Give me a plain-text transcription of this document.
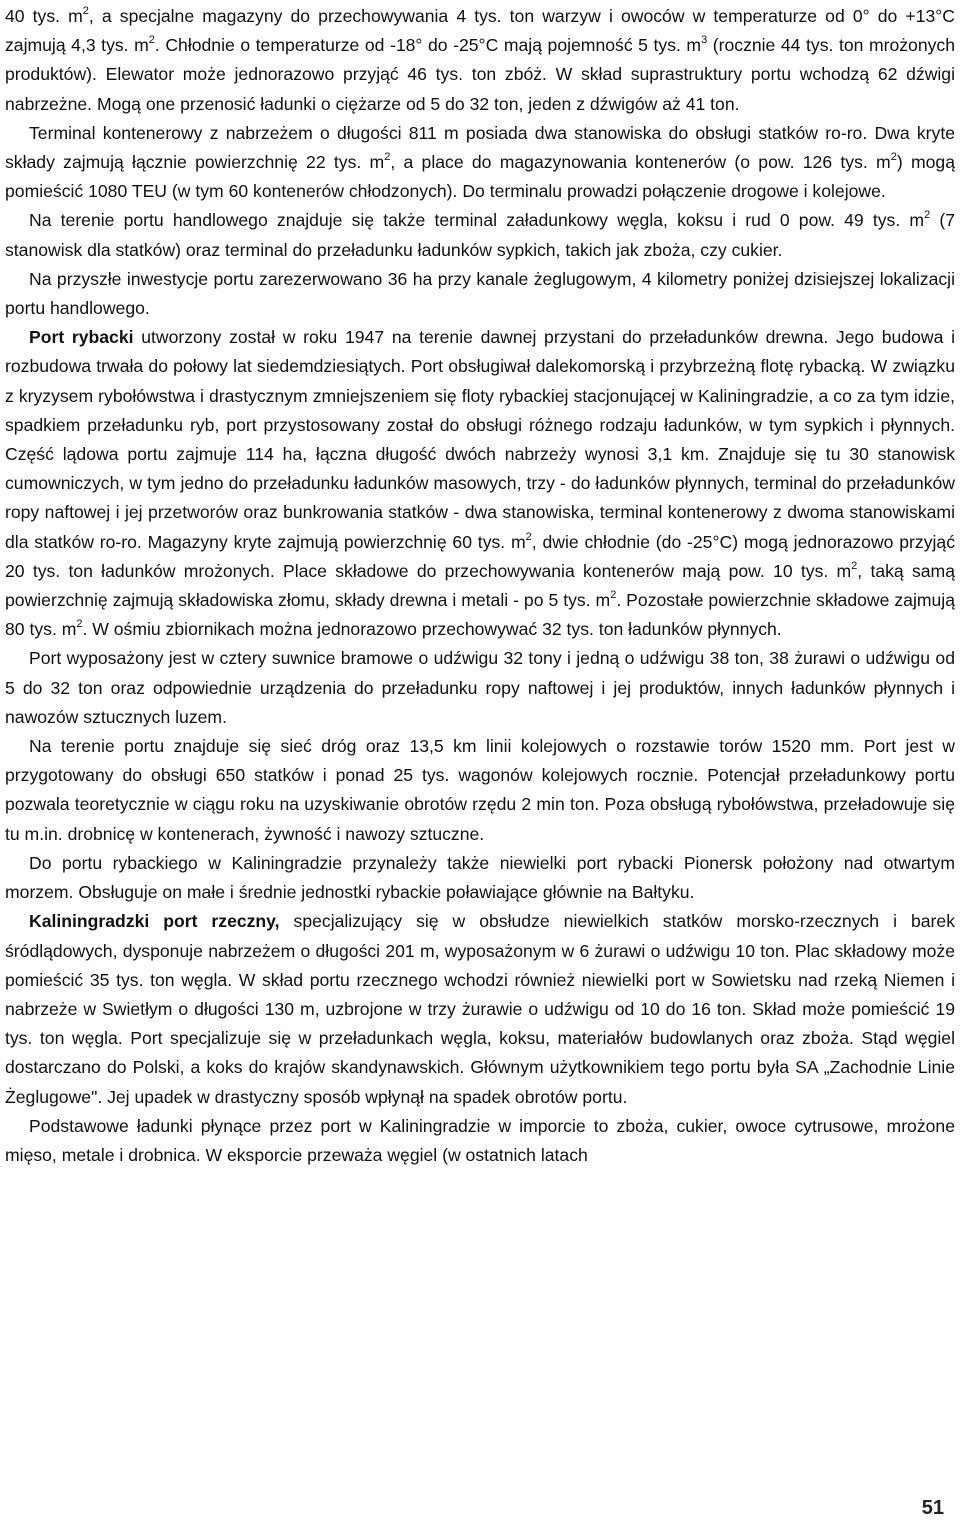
40 tys. $m^2$, a specjalne magazyny do przechowywania 4 tys. ton warzyw i owoców w temperaturze od 0° do +13°C zajmują 4,3 tys. $m^2$. Chłodnie o temperaturze od -18° do -25°C mają pojemność 5 tys. $m^3$ (rocznie 44 tys. ton mrożonych produktów). Elewator może jednorazowo przyjąć 46 tys. ton zbóż. W skład suprastruktury portu wchodzą 62 dźwigi nabrzeżne. Mogą one przenosić ładunki o ciężarze od 5 do 32 ton, jeden z dźwigów aż 41 ton.

Terminal kontenerowy z nabrzeżem o długości 811 m posiada dwa stanowiska do obsługi statków ro-ro. Dwa kryte składy zajmują łącznie powierzchnię 22 tys. $m^2$, a place do magazynowania kontenerów (o pow. 126 tys. $m^2$) mogą pomieścić 1080 TEU (w tym 60 kontenerów chłodzonych). Do terminalu prowadzi połączenie drogowe i kolejowe.

Na terenie portu handlowego znajduje się także terminal załadunkowy węgla, koksu i rud 0 pow. 49 tys. $m^2$ (7 stanowisk dla statków) oraz terminal do przeładunku ładunków sypkich, takich jak zboża, czy cukier.

Na przyszłe inwestycje portu zarezerwowano 36 ha przy kanale żeglugowym, 4 kilometry poniżej dzisiejszej lokalizacji portu handlowego.

Port rybacki utworzony został w roku 1947 na terenie dawnej przystani do przeładunków drewna. Jego budowa i rozbudowa trwała do połowy lat siedemdziesiątych. Port obsługiwał dalekomorską i przybrzeżną flotę rybacką. W związku z kryzysem rybołówstwa i drastycznym zmniejszeniem się floty rybackiej stacjonującej w Kaliningradzie, a co za tym idzie, spadkiem przeładunku ryb, port przystosowany został do obsługi różnego rodzaju ładunków, w tym sypkich i płynnych. Część lądowa portu zajmuje 114 ha, łączna długość dwóch nabrzeży wynosi 3,1 km. Znajduje się tu 30 stanowisk cumowniczych, w tym jedno do przeładunku ładunków masowych, trzy - do ładunków płynnych, terminal do przeładunków ropy naftowej i jej przetworów oraz bunkrowania statków - dwa stanowiska, terminal kontenerowy z dwoma stanowiskami dla statków ro-ro. Magazyny kryte zajmują powierzchnię 60 tys. $m^2$, dwie chłodnie (do -25°C) mogą jednorazowo przyjąć 20 tys. ton ładunków mrożonych. Place składowe do przechowywania kontenerów mają pow. 10 tys. $m^2$, taką samą powierzchnię zajmują składowiska złomu, składy drewna i metali - po 5 tys. $m^2$. Pozostałe powierzchnie składowe zajmują 80 tys. $m^2$. W ośmiu zbiornikach można jednorazowo przechowywać 32 tys. ton ładunków płynnych.

Port wyposażony jest w cztery suwnice bramowe o udźwigu 32 tony i jedną o udźwigu 38 ton, 38 żurawi o udźwigu od 5 do 32 ton oraz odpowiednie urządzenia do przeładunku ropy naftowej i jej produktów, innych ładunków płynnych i nawozów sztucznych luzem.

Na terenie portu znajduje się sieć dróg oraz 13,5 km linii kolejowych o rozstawie torów 1520 mm. Port jest w przygotowany do obsługi 650 statków i ponad 25 tys. wagonów kolejowych rocznie. Potencjał przeładunkowy portu pozwala teoretycznie w ciągu roku na uzyskiwanie obrotów rzędu 2 min ton. Poza obsługą rybołówstwa, przeładowuje się tu m.in. drobnicę w kontenerach, żywność i nawozy sztuczne.

Do portu rybackiego w Kaliningradzie przynależy także niewielki port rybacki Pionersk położony nad otwartym morzem. Obsługuje on małe i średnie jednostki rybackie poławiające głównie na Bałtyku.

Kaliningradzki port rzeczny, specjalizujący się w obsłudze niewielkich statków morsko-rzecznych i barek śródlądowych, dysponuje nabrzeżem o długości 201 m, wyposażonym w 6 żurawi o udźwigu 10 ton. Plac składowy może pomieścić 35 tys. ton węgla. W skład portu rzecznego wchodzi również niewielki port w Sowietsku nad rzeką Niemen i nabrzeże w Swietłym o długości 130 m, uzbrojone w trzy żurawie o udźwigu od 10 do 16 ton. Skład może pomieścić 19 tys. ton węgla. Port specjalizuje się w przeładunkach węgla, koksu, materiałów budowlanych oraz zboża. Stąd węgiel dostarczano do Polski, a koks do krajów skandynawskich. Głównym użytkownikiem tego portu była SA „Zachodnie Linie Żeglugowe". Jej upadek w drastyczny sposób wpłynął na spadek obrotów portu.

Podstawowe ładunki płynące przez port w Kaliningradzie w imporcie to zboża, cukier, owoce cytrusowe, mrożone mięso, metale i drobnica. W eksporcie przeważa węgiel (w ostatnich latach

51
